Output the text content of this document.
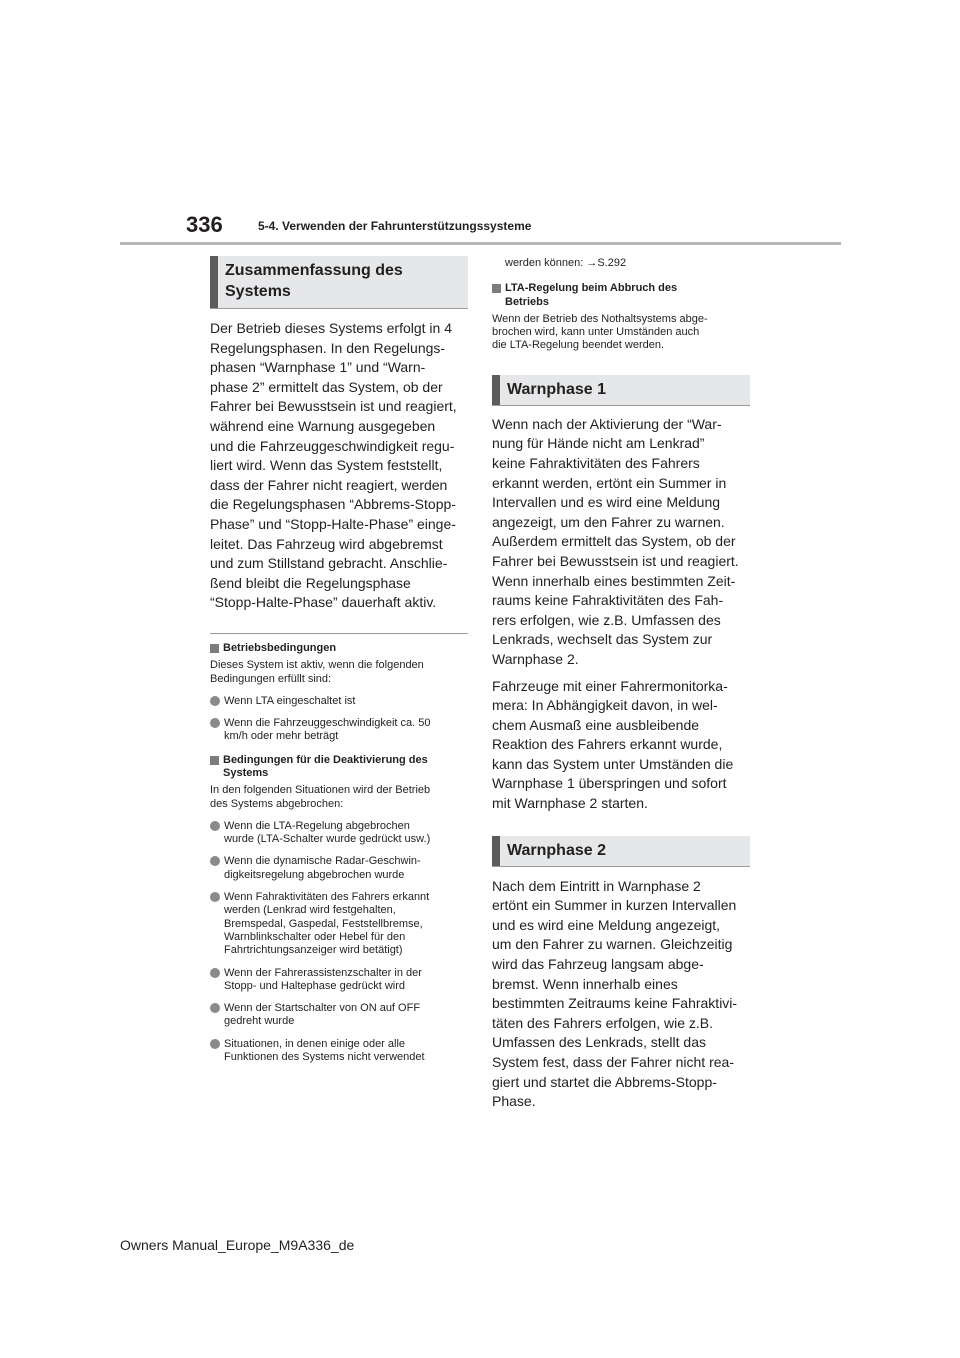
336	5-4. Verwenden der Fahrunterstützungssysteme
Zusammenfassung des
Systems
Der Betrieb dieses Systems erfolgt in 4
Regelungsphasen. In den Regelungs-
phasen “Warnphase 1” und “Warn-
phase 2” ermittelt das System, ob der
Fahrer bei Bewusstsein ist und reagiert,
während eine Warnung ausgegeben
und die Fahrzeuggeschwindigkeit regu-
liert wird. Wenn das System feststellt,
dass der Fahrer nicht reagiert, werden
die Regelungsphasen “Abbrems-Stopp-
Phase” und “Stopp-Halte-Phase” einge-
leitet. Das Fahrzeug wird abgebremst
und zum Stillstand gebracht. Anschlie-
ßend bleibt die Regelungsphase
“Stopp-Halte-Phase” dauerhaft aktiv.
Betriebsbedingungen
Dieses System ist aktiv, wenn die folgenden
Bedingungen erfüllt sind:
Wenn LTA eingeschaltet ist
Wenn die Fahrzeuggeschwindigkeit ca. 50
km/h oder mehr beträgt
Bedingungen für die Deaktivierung des
Systems
In den folgenden Situationen wird der Betrieb
des Systems abgebrochen:
Wenn die LTA-Regelung abgebrochen
wurde (LTA-Schalter wurde gedrückt usw.)
Wenn die dynamische Radar-Geschwin-
digkeitsregelung abgebrochen wurde
Wenn Fahraktivitäten des Fahrers erkannt
werden (Lenkrad wird festgehalten,
Bremspedal, Gaspedal, Feststellbremse,
Warnblinkschalter oder Hebel für den
Fahrtrichtungsanzeiger wird betätigt)
Wenn der Fahrerassistenzschalter in der
Stopp- und Haltephase gedrückt wird
Wenn der Startschalter von ON auf OFF
gedreht wurde
Situationen, in denen einige oder alle
Funktionen des Systems nicht verwendet
werden können: →S.292
LTA-Regelung beim Abbruch des
Betriebs
Wenn der Betrieb des Nothaltsystems abge-
brochen wird, kann unter Umständen auch
die LTA-Regelung beendet werden.
Warnphase 1
Wenn nach der Aktivierung der “War-
nung für Hände nicht am Lenkrad”
keine Fahraktivitäten des Fahrers
erkannt werden, ertönt ein Summer in
Intervallen und es wird eine Meldung
angezeigt, um den Fahrer zu warnen.
Außerdem ermittelt das System, ob der
Fahrer bei Bewusstsein ist und reagiert.
Wenn innerhalb eines bestimmten Zeit-
raums keine Fahraktivitäten des Fah-
rers erfolgen, wie z.B. Umfassen des
Lenkrads, wechselt das System zur
Warnphase 2.
Fahrzeuge mit einer Fahrermonitorka-
mera: In Abhängigkeit davon, in wel-
chem Ausmaß eine ausbleibende
Reaktion des Fahrers erkannt wurde,
kann das System unter Umständen die
Warnphase 1 überspringen und sofort
mit Warnphase 2 starten.
Warnphase 2
Nach dem Eintritt in Warnphase 2
ertönt ein Summer in kurzen Intervallen
und es wird eine Meldung angezeigt,
um den Fahrer zu warnen. Gleichzeitig
wird das Fahrzeug langsam abge-
bremst. Wenn innerhalb eines
bestimmten Zeitraums keine Fahraktivi-
täten des Fahrers erfolgen, wie z.B.
Umfassen des Lenkrads, stellt das
System fest, dass der Fahrer nicht rea-
giert und startet die Abbrems-Stopp-
Phase.
Owners Manual_Europe_M9A336_de
